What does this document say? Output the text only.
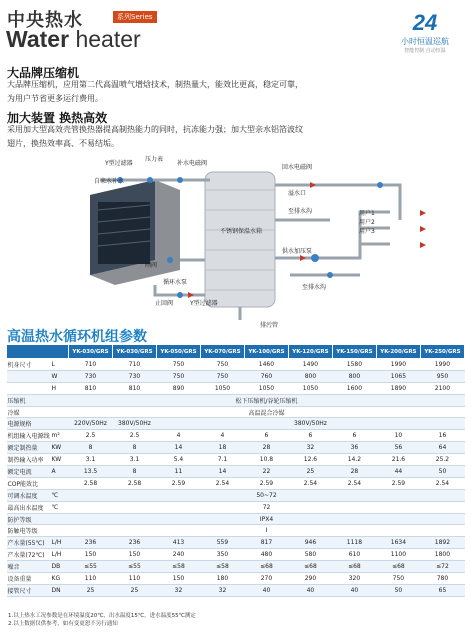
中央热水	系列Series
Water heater
24
小时恒温巡航
智能控制 自动恒温
大品牌压缩机
大品牌压缩机，应用第二代高温喷气增焓技术，制热量大，能效比更高，稳定可靠，为用户节省更多运行费用。
加大装置 换热高效
采用加大型高效壳管换热器提高制热能力的同时，抗冻能力强；加大型亲水铝箔波纹翅片，换热效率高、不易结垢。
Y型过滤器
压力表
自来水补水
补水电磁阀
回水电磁阀
溢水口
至排水沟
不锈钢保温水箱
用户1
用户2
用户3
供水加压泵
闸阀
循环水泵
止回阀	Y型过滤器
至排水沟
排污管
高温热水循环机组参数
		YK-030/GRS	YK-030/GRS	YK-050/GRS	YK-070/GRS	YK-100/GRS	YK-120/GRS	YK-150/GRS	YK-200/GRS	YK-250/GRS
机身尺寸	L	710	710	750	750	1460	1490	1580	1990	1990
	W	730	730	750	750	760	800	800	1065	950
	H	810	810	890	1050	1050	1050	1600	1890	2100
压缩机		松下压缩机/谷轮压缩机								
冷媒		高温混合冷媒								
电源规格		220V/50Hz	380V/50Hz	380V/50Hz						
机组输入电源线	m²	2.5	2.5	4	4	6	6	6	10	16
额定制热量	KW	8	8	14	18	28	32	36	56	64
制热输入功率	KW	3.1	3.1	5.4	7.1	10.8	12.6	14.2	21.6	25.2
额定电流	A	13.5	8	11	14	22	25	28	44	50
COP能效比		2.58	2.58	2.59	2.54	2.59	2.54	2.54	2.59	2.54
可调水温度	℃	50~72								
最高出水温度	℃	72								
防护等级		IPX4								
防触电等级		I								
产水量(55℃)	L/H	236	236	413	559	817	946	1118	1634	1892
产水量(72℃)	L/H	150	150	240	350	480	580	610	1100	1800
噪音	DB	≤55	≤55	≤58	≤58	≤68	≤68	≤68	≤68	≤72
设备重量	KG	110	110	150	180	270	290	320	750	780
接管尺寸	DN	25	25	32	32	40	40	40	50	65
1.以上热水工况参数是在环境温度20℃，出水温度15℃，进水温度55℃测定
2.以上数据仅供参考，如有变更恕不另行通知
